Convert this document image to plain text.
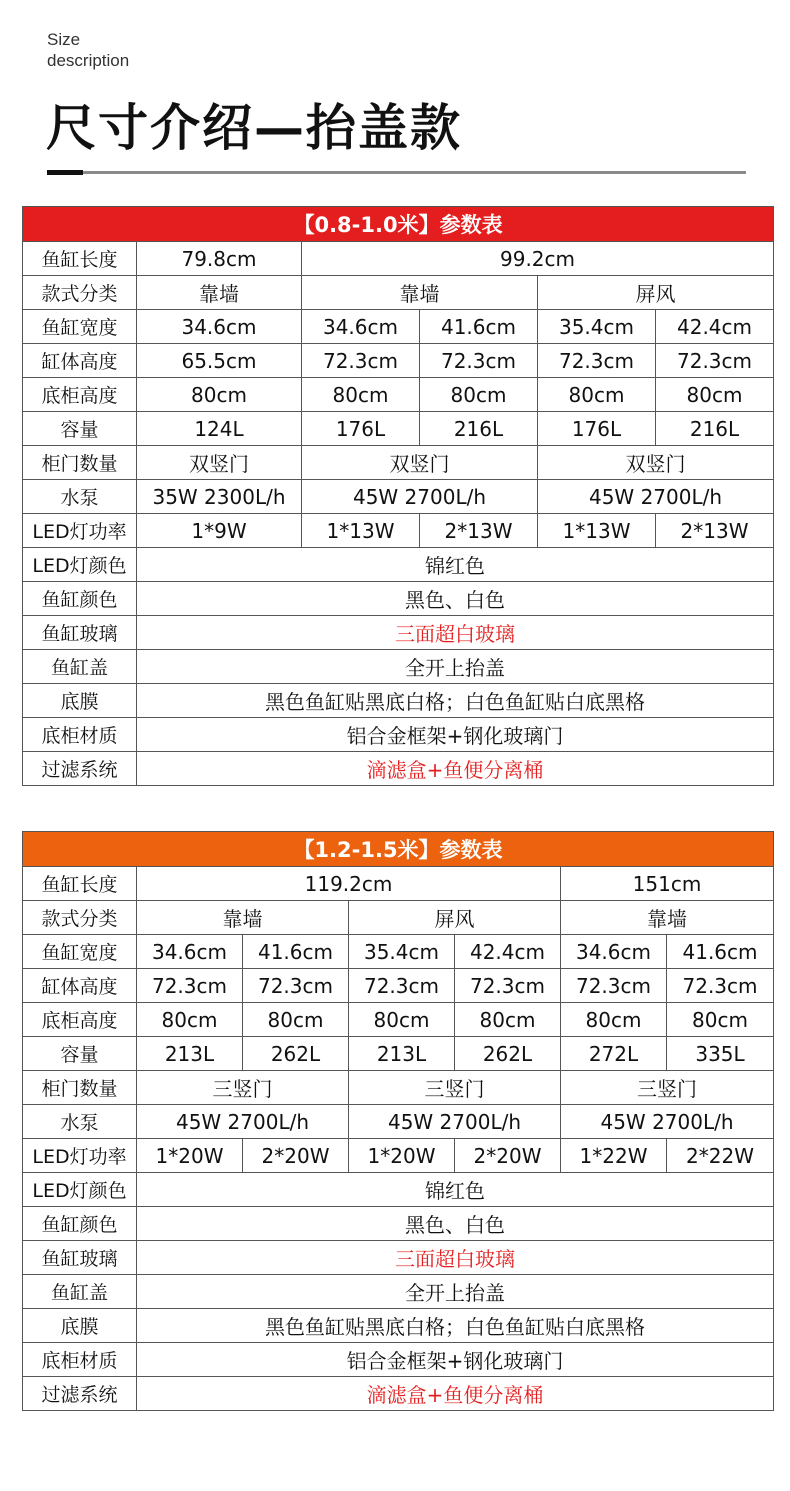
Size
description
尺寸介绍—抬盖款
【0.8-1.0米】参数表					
鱼缸长度	79.8cm	99.2cm			
款式分类	靠墙	靠墙		屏风	
鱼缸宽度	34.6cm	34.6cm	41.6cm	35.4cm	42.4cm
缸体高度	65.5cm	72.3cm	72.3cm	72.3cm	72.3cm
底柜高度	80cm	80cm	80cm	80cm	80cm
容量	124L	176L	216L	176L	216L
柜门数量	双竖门	双竖门		双竖门	
水泵	35W 2300L/h	45W 2700L/h		45W 2700L/h	
LED灯功率	1*9W	1*13W	2*13W	1*13W	2*13W
LED灯颜色	锦红色				
鱼缸颜色	黑色、白色				
鱼缸玻璃	三面超白玻璃				
鱼缸盖	全开上抬盖				
底膜	黑色鱼缸贴黑底白格；白色鱼缸贴白底黑格				
底柜材质	铝合金框架+钢化玻璃门				
过滤系统	滴滤盒+鱼便分离桶				
【1.2-1.5米】参数表						
鱼缸长度	119.2cm				151cm	
款式分类	靠墙		屏风		靠墙	
鱼缸宽度	34.6cm	41.6cm	35.4cm	42.4cm	34.6cm	41.6cm
缸体高度	72.3cm	72.3cm	72.3cm	72.3cm	72.3cm	72.3cm
底柜高度	80cm	80cm	80cm	80cm	80cm	80cm
容量	213L	262L	213L	262L	272L	335L
柜门数量	三竖门		三竖门		三竖门	
水泵	45W 2700L/h		45W 2700L/h		45W 2700L/h	
LED灯功率	1*20W	2*20W	1*20W	2*20W	1*22W	2*22W
LED灯颜色	锦红色					
鱼缸颜色	黑色、白色					
鱼缸玻璃	三面超白玻璃					
鱼缸盖	全开上抬盖					
底膜	黑色鱼缸贴黑底白格；白色鱼缸贴白底黑格					
底柜材质	铝合金框架+钢化玻璃门					
过滤系统	滴滤盒+鱼便分离桶					
